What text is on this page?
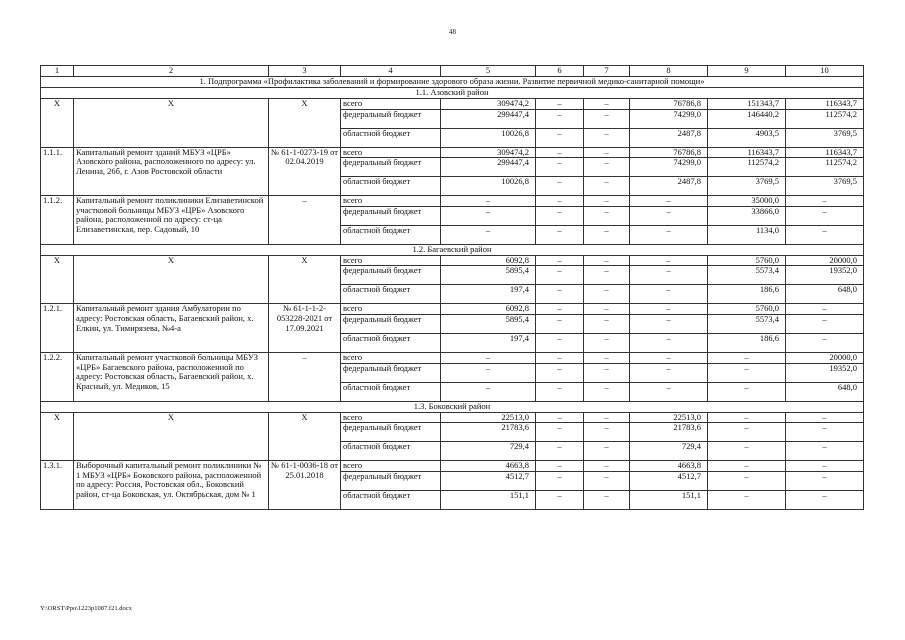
48
1	2	3	4	5	6	7	8	9	10
1. Подпрограмма «Профилактика заболеваний и формирование здорового образа жизни. Развитие первичной медико-санитарной помощи»									
1.1. Азовский район									
X	X	X	всего	309474,2	–	–	76786,8	151343,7	116343,7
			федеральный бюджет	299447,4	–	–	74299,0	146440,2	112574,2
			областной бюджет	10026,8	–	–	2487,8	4903,5	3769,5
1.1.1.	Капитальный ремонт зданий МБУЗ «ЦРБ» Азовского района, расположенного по адресу: ул. Ленина, 26б, г. Азов Ростовской области	№ 61-1-0273-19 от 02.04.2019	всего	309474,2	–	–	76786,8	116343,7	116343,7
			федеральный бюджет	299447,4	–	–	74299,0	112574,2	112574,2
			областной бюджет	10026,8	–	–	2487,8	3769,5	3769,5
1.1.2.	Капитальный ремонт поликлиники Елизаветинской участковой больницы МБУЗ «ЦРБ» Азовского района, расположенной по адресу: ст-ца Елизаветинская, пер. Садовый, 10	–	всего	–	–	–	–	35000,0	–
			федеральный бюджет	–	–	–	–	33866,0	–
			областной бюджет	–	–	–	–	1134,0	–
1.2. Багаевский район									
X	X	X	всего	6092,8	–	–	–	5760,0	20000,0
			федеральный бюджет	5895,4	–	–	–	5573,4	19352,0
			областной бюджет	197,4	–	–	–	186,6	648,0
1.2.1.	Капитальный ремонт здания Амбулатории по адресу: Ростовская область, Багаевский район, х. Елкин, ул. Тимирязева, №4-а	№ 61-1-1-2-053228-2021 от 17.09.2021	всего	6092,8	–	–	–	5760,0	–
			федеральный бюджет	5895,4	–	–	–	5573,4	–
			областной бюджет	197,4	–	–	–	186,6	–
1.2.2.	Капитальный ремонт участковой больницы МБУЗ «ЦРБ» Багаевского района, расположенной по адресу: Ростовская область, Багаевский район, х. Красный, ул. Медиков, 15	–	всего	–	–	–	–	–	20000,0
			федеральный бюджет	–	–	–	–	–	19352,0
			областной бюджет	–	–	–	–	–	648,0
1.3. Боковский район									
X	X	X	всего	22513,0	–	–	22513,0	–	–
			федеральный бюджет	21783,6	–	–	21783,6	–	–
			областной бюджет	729,4	–	–	729,4	–	–
1.3.1.	Выборочный капитальный ремонт поликлиники № 1 МБУЗ «ЦРБ» Боковского района, расположенной по адресу: Россия, Ростовская обл., Боковский район, ст-ца Боковская, ул. Октябрьская, дом № 1	№ 61-1-0036-18 от 25.01.2018	всего	4663,8	–	–	4663,8	–	–
			федеральный бюджет	4512,7	–	–	4512,7	–	–
			областной бюджет	151,1	–	–	151,1	–	–
Y:\ORST\Ppo\1223p1087.f21.docx
